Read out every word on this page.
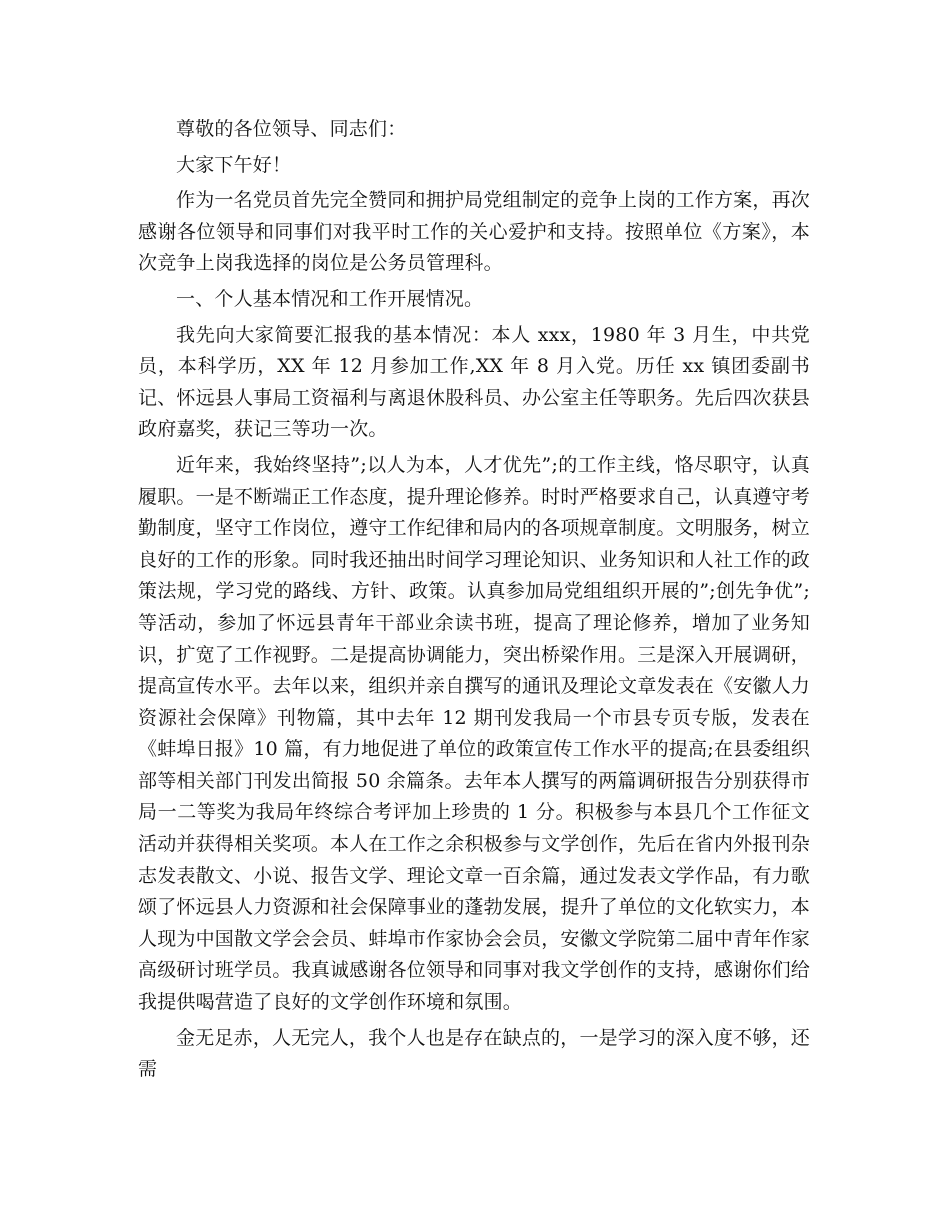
尊敬的各位领导、同志们：

大家下午好！

作为一名党员首先完全赞同和拥护局党组制定的竞争上岗的工作方案，再次感谢各位领导和同事们对我平时工作的关心爱护和支持。按照单位《方案》，本次竞争上岗我选择的岗位是公务员管理科。

一、个人基本情况和工作开展情况。

我先向大家简要汇报我的基本情况：本人 xxx，1980 年 3 月生，中共党员，本科学历，XX 年 12 月参加工作,XX 年 8 月入党。历任 xx 镇团委副书记、怀远县人事局工资福利与离退休股科员、办公室主任等职务。先后四次获县政府嘉奖，获记三等功一次。

近年来，我始终坚持”;以人为本，人才优先”;的工作主线，恪尽职守，认真履职。一是不断端正工作态度，提升理论修养。时时严格要求自己，认真遵守考勤制度，坚守工作岗位，遵守工作纪律和局内的各项规章制度。文明服务，树立良好的工作的形象。同时我还抽出时间学习理论知识、业务知识和人社工作的政策法规，学习党的路线、方针、政策。认真参加局党组组织开展的”;创先争优”;等活动，参加了怀远县青年干部业余读书班，提高了理论修养，增加了业务知识，扩宽了工作视野。二是提高协调能力，突出桥梁作用。三是深入开展调研，提高宣传水平。去年以来，组织并亲自撰写的通讯及理论文章发表在《安徽人力资源社会保障》刊物篇，其中去年 12 期刊发我局一个市县专页专版，发表在《蚌埠日报》10 篇，有力地促进了单位的政策宣传工作水平的提高;在县委组织部等相关部门刊发出简报 50 余篇条。去年本人撰写的两篇调研报告分别获得市局一二等奖为我局年终综合考评加上珍贵的 1 分。积极参与本县几个工作征文活动并获得相关奖项。本人在工作之余积极参与文学创作，先后在省内外报刊杂志发表散文、小说、报告文学、理论文章一百余篇，通过发表文学作品，有力歌颂了怀远县人力资源和社会保障事业的蓬勃发展，提升了单位的文化软实力，本人现为中国散文学会会员、蚌埠市作家协会会员，安徽文学院第二届中青年作家高级研讨班学员。我真诚感谢各位领导和同事对我文学创作的支持，感谢你们给我提供喝营造了良好的文学创作环境和氛围。

金无足赤，人无完人，我个人也是存在缺点的，一是学习的深入度不够，还需
